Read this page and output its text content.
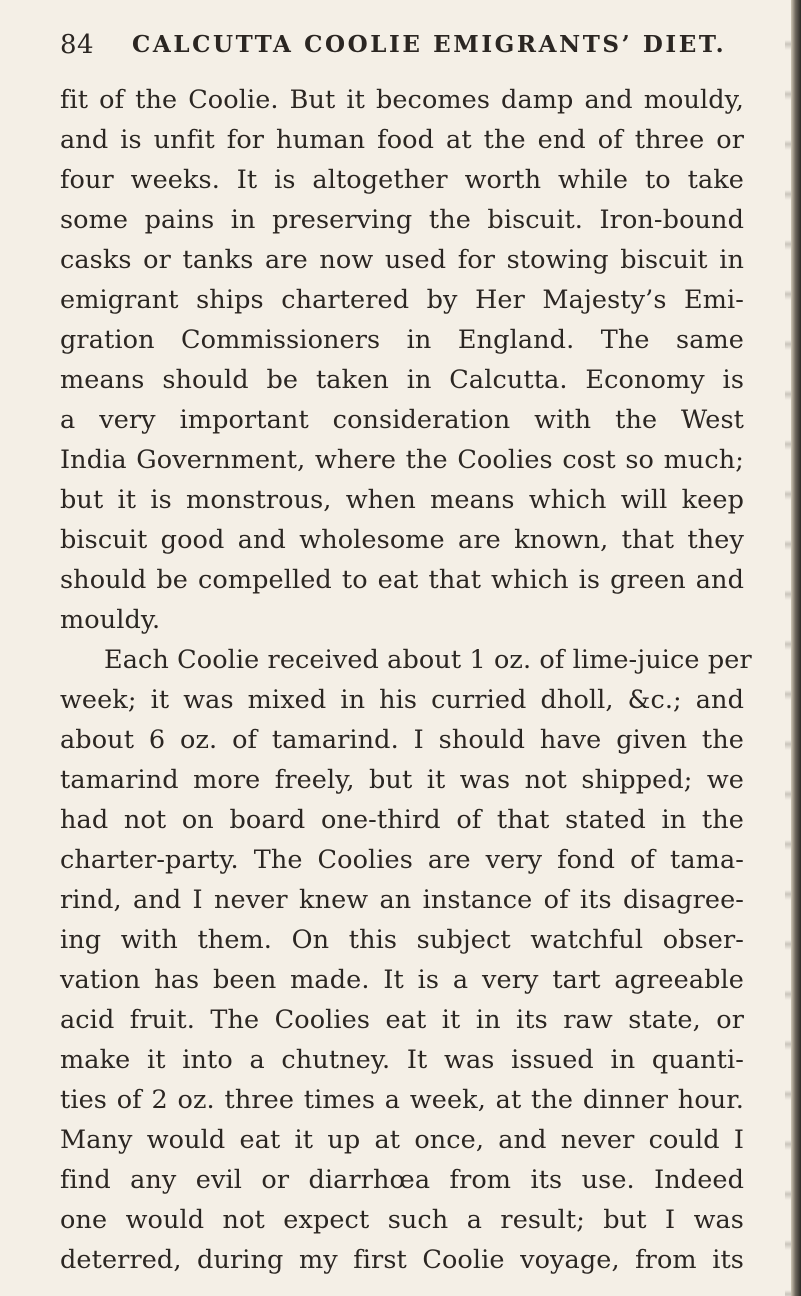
84 CALCUTTA COOLIE EMIGRANTS’ DIET.
fit of the Coolie. But it becomes damp and mouldy,
and is unfit for human food at the end of three or
four weeks. It is altogether worth while to take
some pains in preserving the biscuit. Iron-bound
casks or tanks are now used for stowing biscuit in
emigrant ships chartered by Her Majesty’s Emi-
gration Commissioners in England. The same
means should be taken in Calcutta. Economy is
a very important consideration with the West
India Government, where the Coolies cost so much;
but it is monstrous, when means which will keep
biscuit good and wholesome are known, that they
should be compelled to eat that which is green and
mouldy.
Each Coolie received about 1 oz. of lime-juice per
week; it was mixed in his curried dholl, &c.; and
about 6 oz. of tamarind. I should have given the
tamarind more freely, but it was not shipped; we
had not on board one-third of that stated in the
charter-party. The Coolies are very fond of tama-
rind, and I never knew an instance of its disagree-
ing with them. On this subject watchful obser-
vation has been made. It is a very tart agreeable
acid fruit. The Coolies eat it in its raw state, or
make it into a chutney. It was issued in quanti-
ties of 2 oz. three times a week, at the dinner hour.
Many would eat it up at once, and never could I
find any evil or diarrhœa from its use. Indeed
one would not expect such a result; but I was
deterred, during my first Coolie voyage, from its
